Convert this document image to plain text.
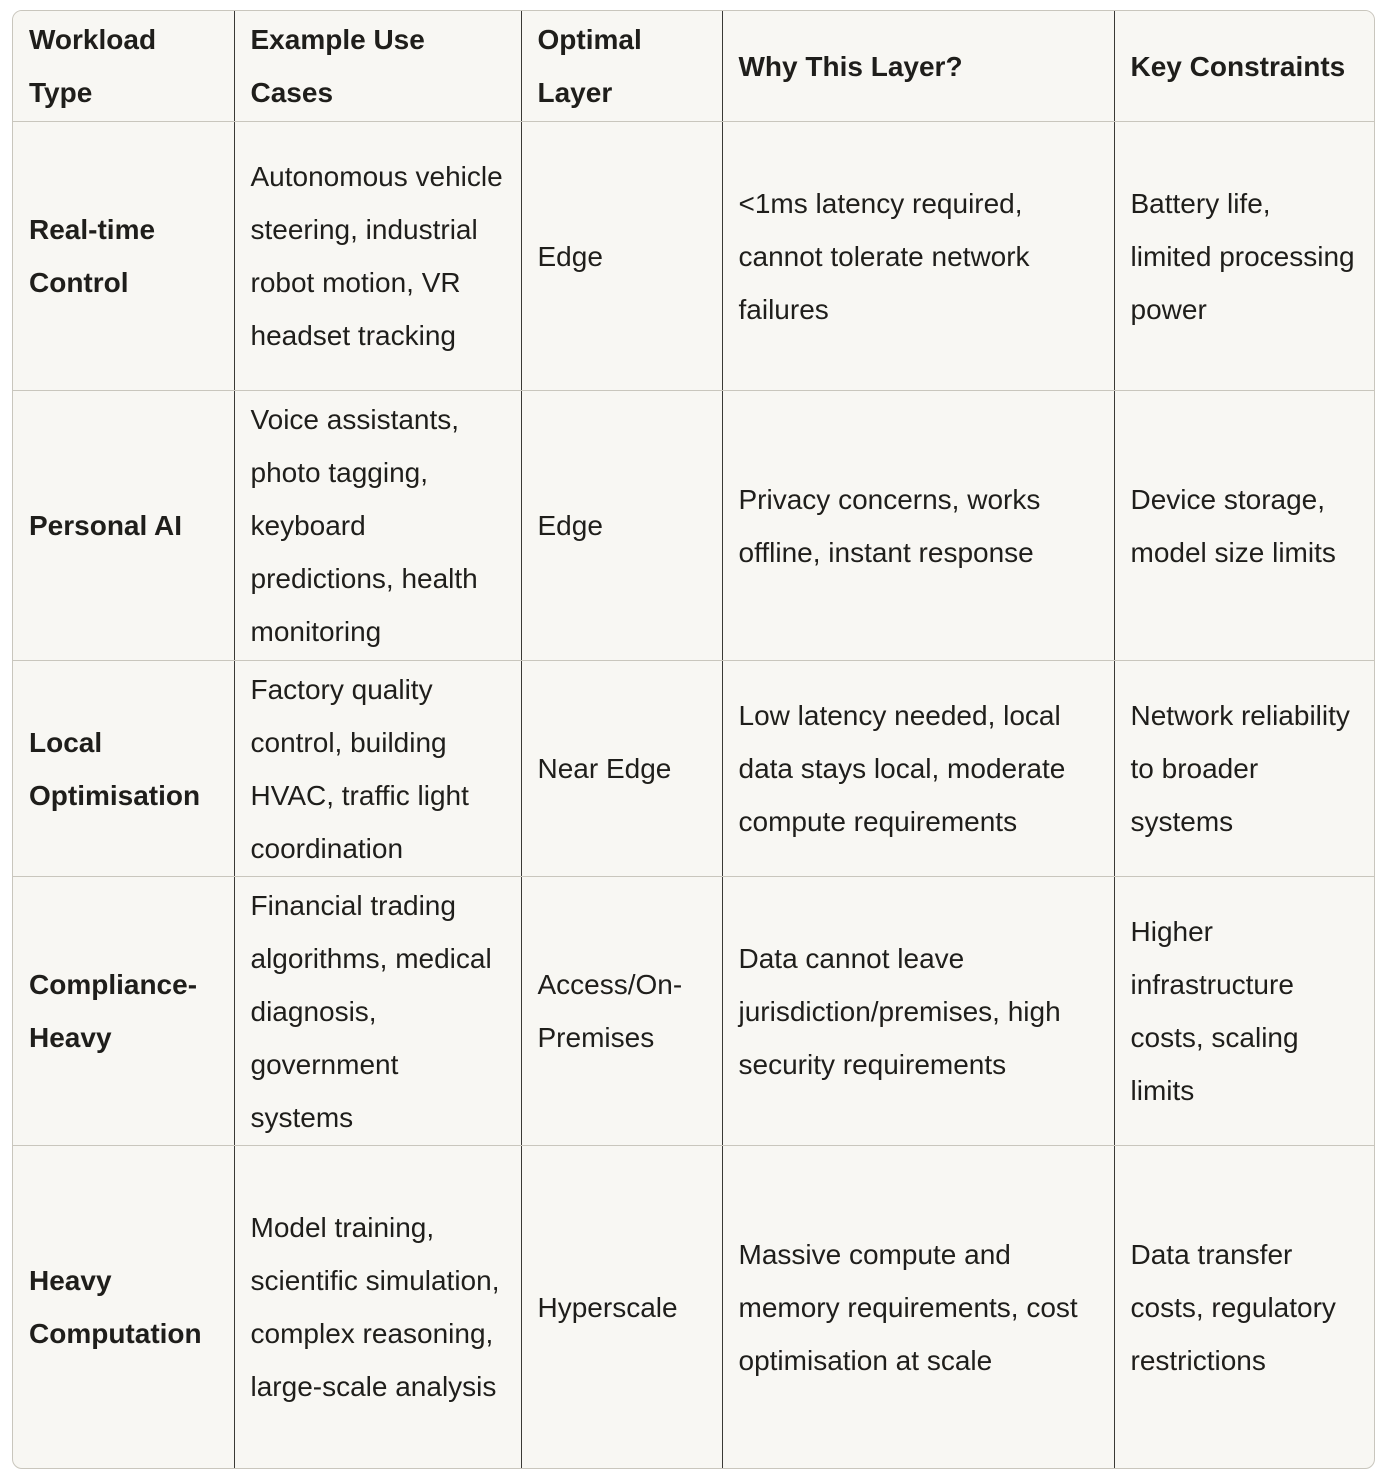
Workload Type	Example Use Cases	Optimal Layer	Why This Layer?	Key Constraints
Real-time Control	Autonomous vehicle steering, industrial robot motion, VR headset tracking	Edge	<1ms latency required, cannot tolerate network failures	Battery life, limited processing power
Personal AI	Voice assistants, photo tagging, keyboard predictions, health monitoring	Edge	Privacy concerns, works offline, instant response	Device storage, model size limits
Local Optimisation	Factory quality control, building HVAC, traffic light coordination	Near Edge	Low latency needed, local data stays local, moderate compute requirements	Network reliability to broader systems
Compliance-Heavy	Financial trading algorithms, medical diagnosis, government systems	Access/On-Premises	Data cannot leave jurisdiction/premises, high security requirements	Higher infrastructure costs, scaling limits
Heavy Computation	Model training, scientific simulation, complex reasoning, large-scale analysis	Hyperscale	Massive compute and memory requirements, cost optimisation at scale	Data transfer costs, regulatory restrictions
